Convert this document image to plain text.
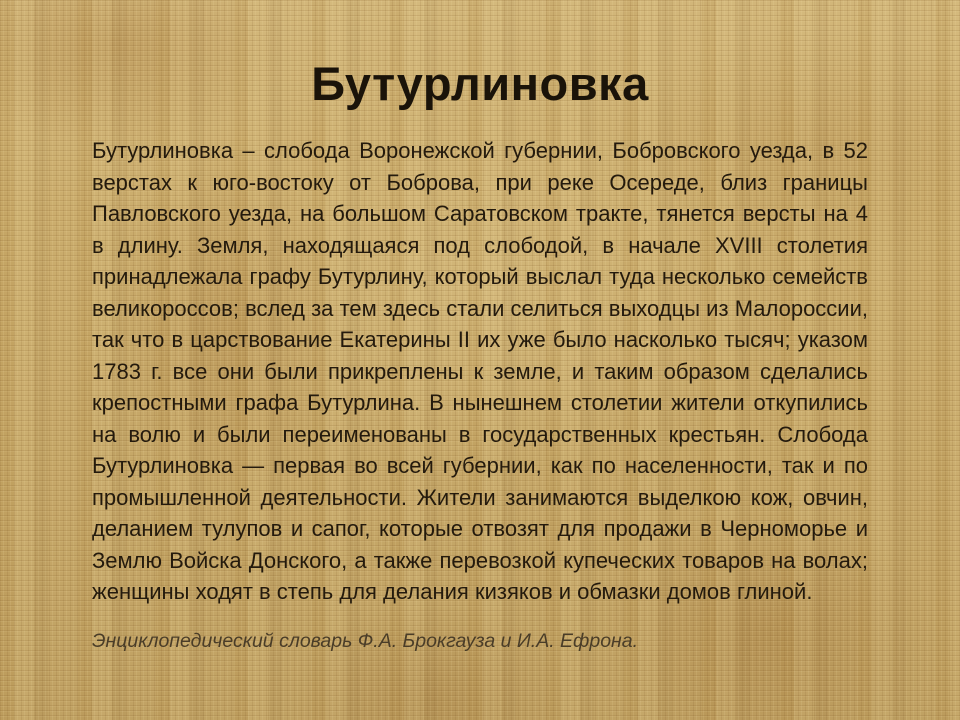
Бутурлиновка

Бутурлиновка – слобода Воронежской губернии, Бобровского уезда, в 52 верстах к юго-востоку от Боброва, при реке Осереде, близ границы Павловского уезда, на большом Саратовском тракте, тянется версты на 4 в длину. Земля, находящаяся под слободой, в начале XVIII столетия принадлежала графу Бутурлину, который выслал туда несколько семейств великороссов; вслед за тем здесь стали селиться выходцы из Малороссии, так что в царствование Екатерины II их уже было насколько тысяч; указом 1783 г. все они были прикреплены к земле, и таким образом сделались крепостными графа Бутурлина. В нынешнем столетии жители откупились на волю и были переименованы в государственных крестьян. Слобода Бутурлиновка — первая во всей губернии, как по населенности, так и по промышленной деятельности. Жители занимаются выделкою кож, овчин, деланием тулупов и сапог, которые отвозят для продажи в Черноморье и Землю Войска Донского, а также перевозкой купеческих товаров на волах; женщины ходят в степь для делания кизяков и обмазки домов глиной.

Энциклопедический словарь Ф.А. Брокгауза и И.А. Ефрона.
